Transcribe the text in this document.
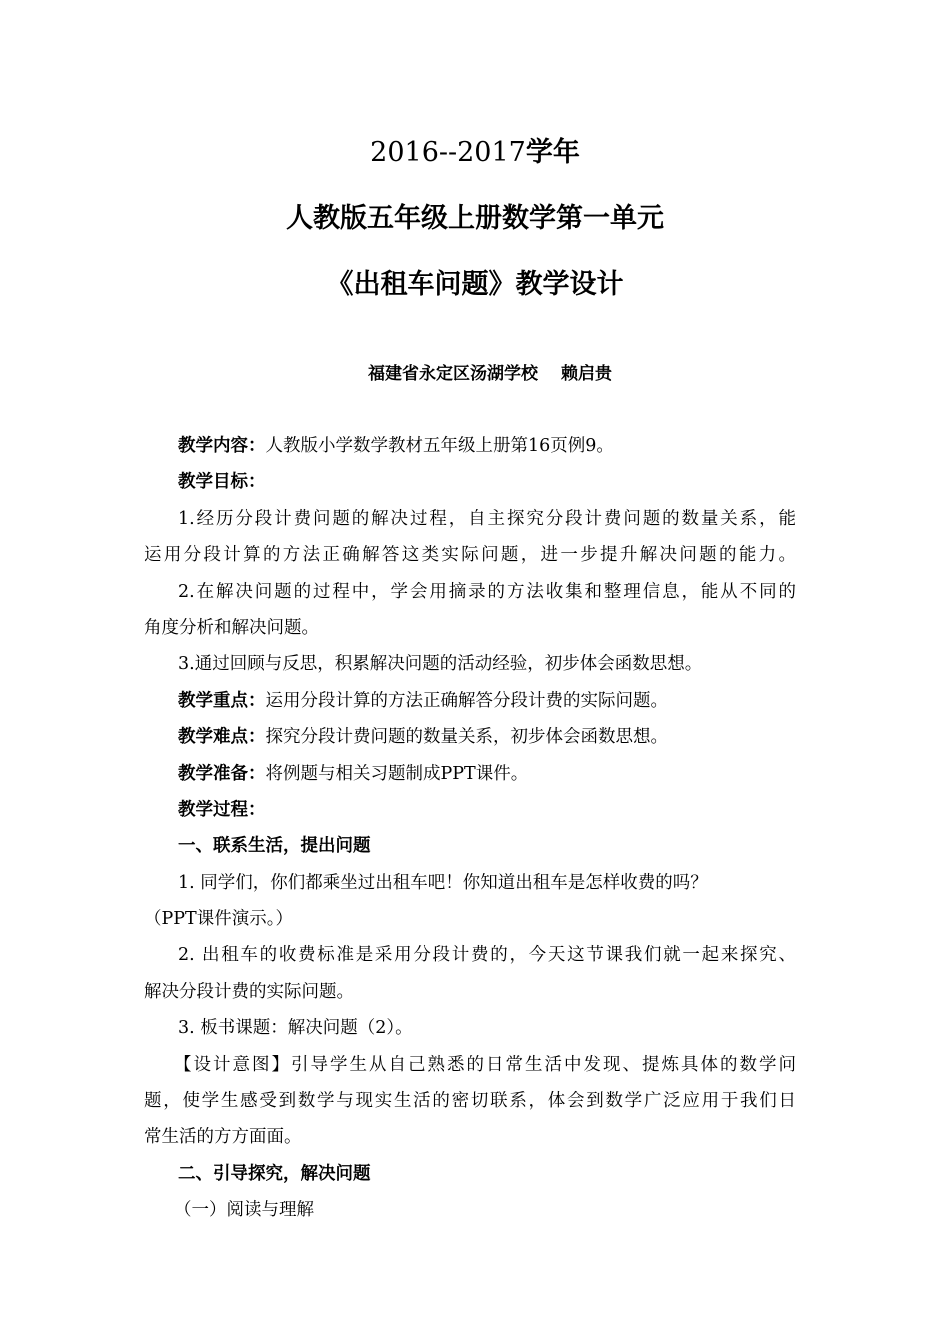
2016--2017学年
人教版五年级上册数学第一单元
《出租车问题》教学设计
福建省永定区汤湖学校　 赖启贵
教学内容：人教版小学数学教材五年级上册第16页例9。
教学目标：
1.经历分段计费问题的解决过程，自主探究分段计费问题的数量关系，能
运用分段计算的方法正确解答这类实际问题，进一步提升解决问题的能力。
2.在解决问题的过程中，学会用摘录的方法收集和整理信息，能从不同的
角度分析和解决问题。
3.通过回顾与反思，积累解决问题的活动经验，初步体会函数思想。
教学重点：运用分段计算的方法正确解答分段计费的实际问题。
教学难点：探究分段计费问题的数量关系，初步体会函数思想。
教学准备：将例题与相关习题制成PPT课件。
教学过程：
一、联系生活，提出问题
1. 同学们，你们都乘坐过出租车吧！你知道出租车是怎样收费的吗？
（PPT课件演示。）
2. 出租车的收费标准是采用分段计费的，今天这节课我们就一起来探究、
解决分段计费的实际问题。
3. 板书课题：解决问题（2）。
【设计意图】引导学生从自己熟悉的日常生活中发现、提炼具体的数学问
题，使学生感受到数学与现实生活的密切联系，体会到数学广泛应用于我们日
常生活的方方面面。
二、引导探究，解决问题
（一）阅读与理解
